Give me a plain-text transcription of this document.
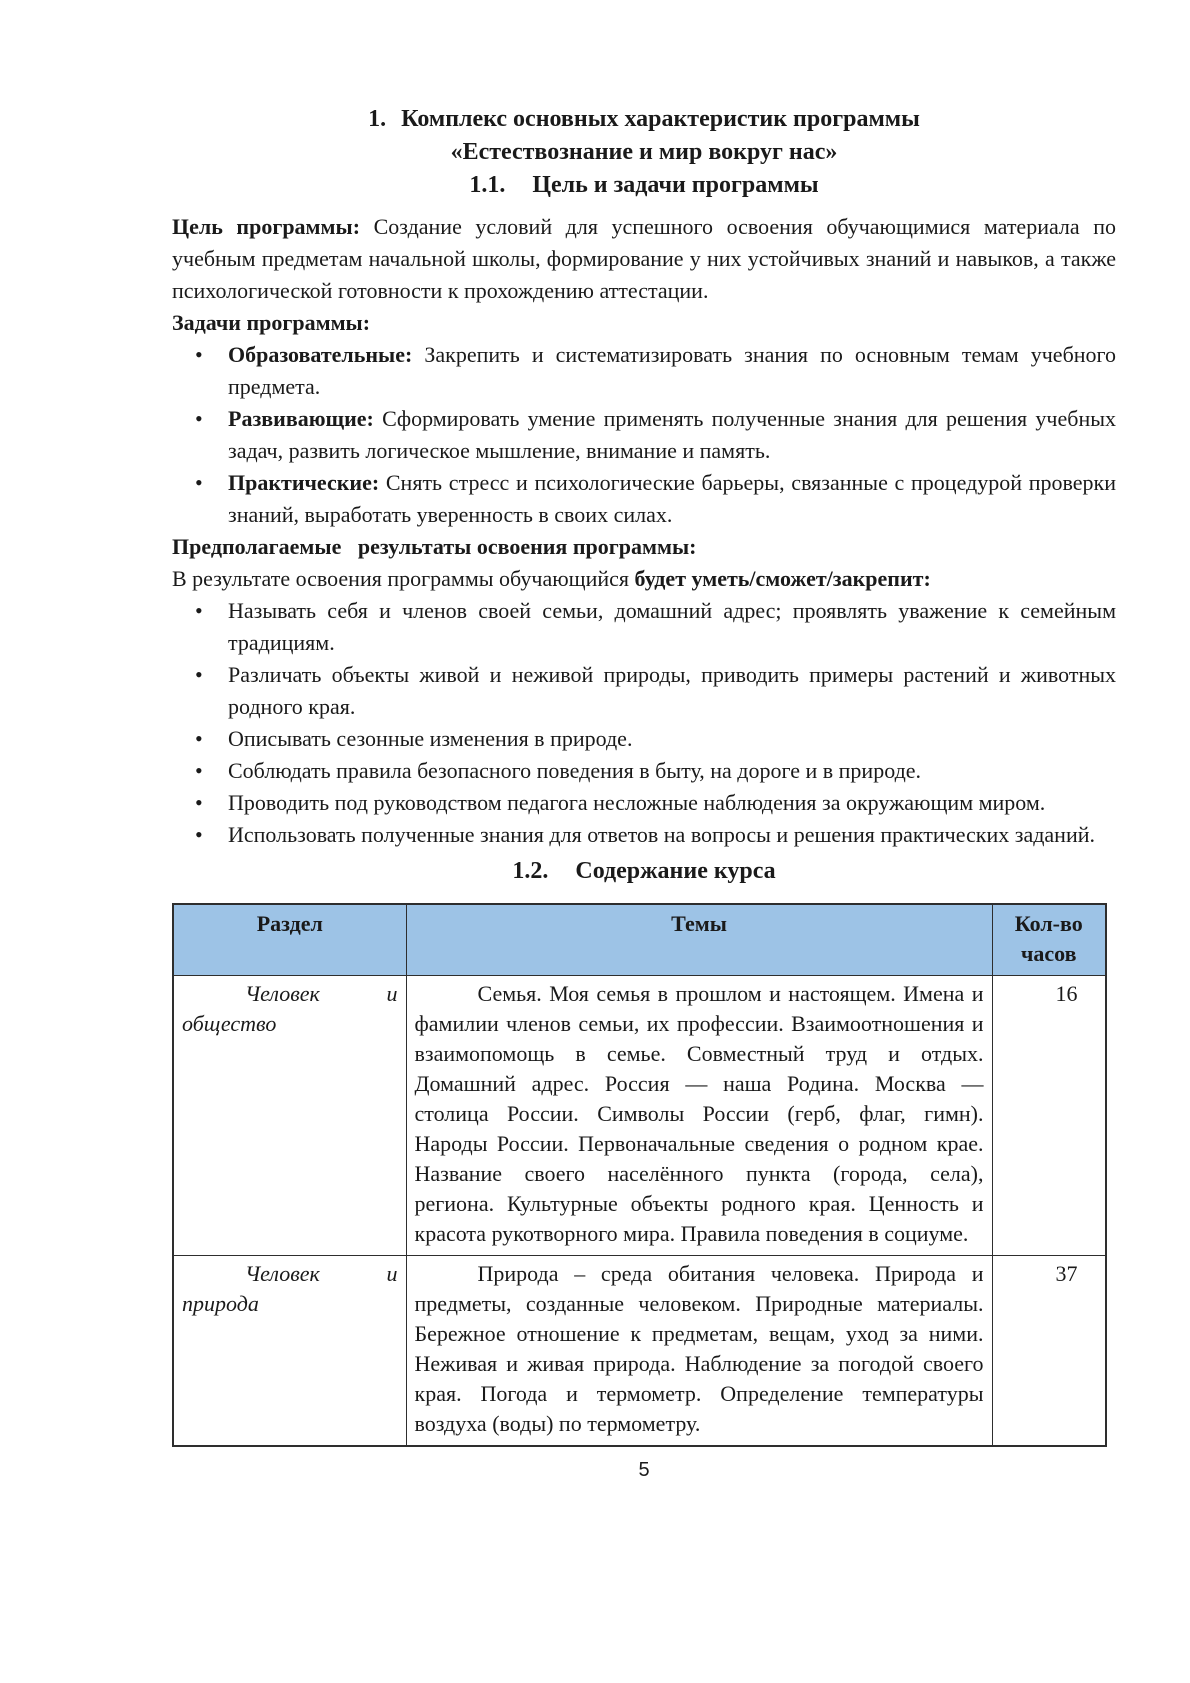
1. Комплекс основных характеристик программы
«Естествознание и мир вокруг нас»
1.1. Цель и задачи программы
Цель программы: Создание условий для успешного освоения обучающимися материала по учебным предметам начальной школы, формирование у них устойчивых знаний и навыков, а также психологической готовности к прохождению аттестации.
Задачи программы:
•	Образовательные: Закрепить и систематизировать знания по основным темам учебного предмета.
•	Развивающие: Сформировать умение применять полученные знания для решения учебных задач, развить логическое мышление, внимание и память.
•	Практические: Снять стресс и психологические барьеры, связанные с процедурой проверки знаний, выработать уверенность в своих силах.
Предполагаемые  результаты освоения программы:
В результате освоения программы обучающийся будет уметь/сможет/закрепит:
•	Называть себя и членов своей семьи, домашний адрес; проявлять уважение к семейным традициям.
•	Различать объекты живой и неживой природы, приводить примеры растений и животных родного края.
•	Описывать сезонные изменения в природе.
•	Соблюдать правила безопасного поведения в быту, на дороге и в природе.
•	Проводить под руководством педагога несложные наблюдения за окружающим миром.
•	Использовать полученные знания для ответов на вопросы и решения практических заданий.
1.2. Содержание курса
Раздел	Темы	Кол-во часов
Человек и общество	Семья. Моя семья в прошлом и настоящем. Имена и фамилии членов семьи, их профессии. Взаимоотношения и взаимопомощь в семье. Совместный труд и отдых. Домашний адрес. Россия — наша Родина. Москва — столица России. Символы России (герб, флаг, гимн). Народы России. Первоначальные сведения о родном крае. Название своего населённого пункта (города, села), региона. Культурные объекты родного края. Ценность и красота рукотворного мира. Правила поведения в социуме.	16
Человек и природа	Природа – среда обитания человека. Природа и предметы, созданные человеком. Природные материалы. Бережное отношение к предметам, вещам, уход за ними. Неживая и живая природа. Наблюдение за погодой своего края. Погода и термометр. Определение температуры воздуха (воды) по термометру.	37
5
